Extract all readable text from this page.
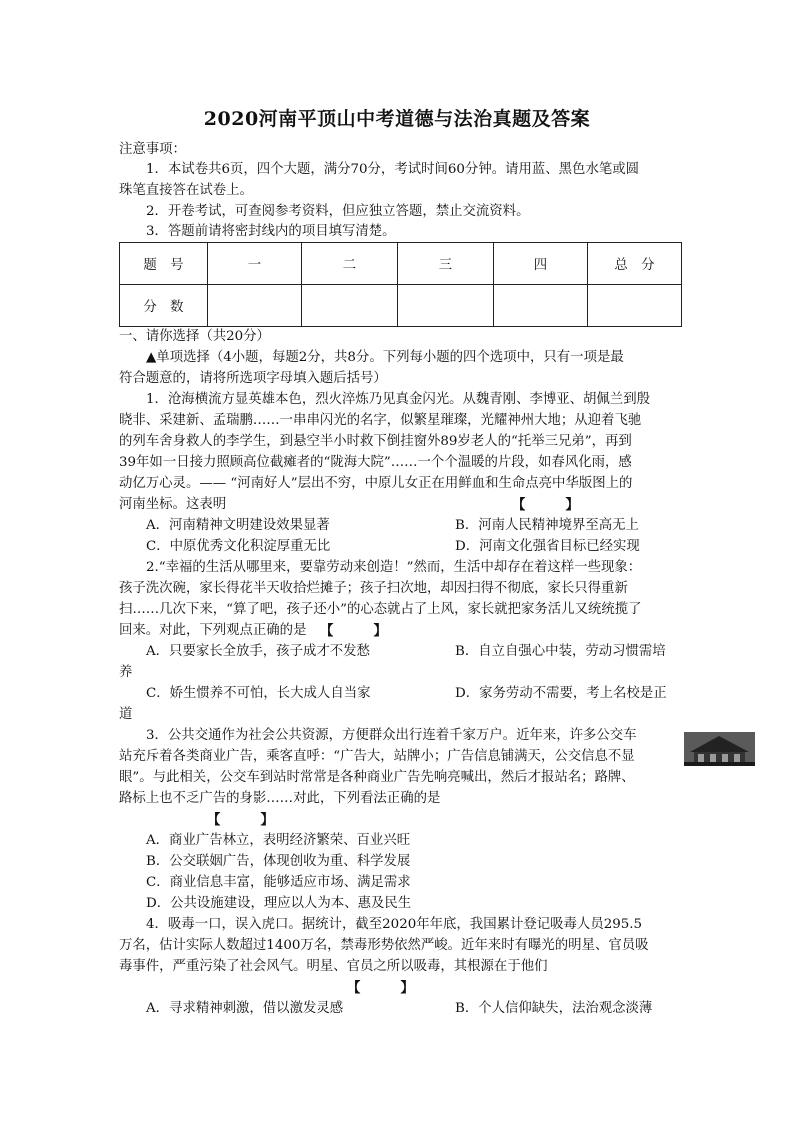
2020河南平顶山中考道德与法治真题及答案
注意事项：
1．本试卷共6页，四个大题，满分70分，考试时间60分钟。请用蓝、黑色水笔或圆
珠笔直接答在试卷上。
2．开卷考试，可查阅参考资料，但应独立答题，禁止交流资料。
3．答题前请将密封线内的项目填写清楚。
题　号	一	二	三	四	总　分
分　数					
一、请你选择（共20分）
▲单项选择（4小题，每题2分，共8分。下列每小题的四个选项中，只有一项是最
符合题意的，请将所选项字母填入题后括号）
1．沧海横流方显英雄本色，烈火淬炼乃见真金闪光。从魏青刚、李博亚、胡佩兰到殷
晓非、采建新、孟瑞鹏……一串串闪光的名字，似繁星璀璨，光耀神州大地；从迎着飞驰
的列车舍身救人的李学生，到悬空半小时救下倒挂窗外89岁老人的“托举三兄弟”，再到
39年如一日接力照顾高位截瘫者的“陇海大院”……一个个温暖的片段，如春风化雨，感
动亿万心灵。—— “河南好人”层出不穷，中原儿女正在用鲜血和生命点亮中华版图上的
河南坐标。这表明	【　　　】
A．河南精神文明建设效果显著	B．河南人民精神境界至高无上
C．中原优秀文化积淀厚重无比	D．河南文化强省目标已经实现
2.“幸福的生活从哪里来，要靠劳动来创造！”然而，生活中却存在着这样一些现象：
孩子洗次碗，家长得花半天收拾烂摊子；孩子扫次地，却因扫得不彻底，家长只得重新
扫……几次下来，“算了吧，孩子还小”的心态就占了上风，家长就把家务活儿又统统揽了
回来。对此，下列观点正确的是	【　　　】
A．只要家长全放手，孩子成才不发愁	B．自立自强心中装，劳动习惯需培
养
C．娇生惯养不可怕，长大成人自当家	D．家务劳动不需要，考上名校是正
道
3．公共交通作为社会公共资源，方便群众出行连着千家万户。近年来，许多公交车
站充斥着各类商业广告，乘客直呼：“广告大，站牌小；广告信息铺满天，公交信息不显
眼”。与此相关，公交车到站时常常是各种商业广告先响亮喊出，然后才报站名；路牌、
路标上也不乏广告的身影……对此，下列看法正确的是
【　　　】
A．商业广告林立，表明经济繁荣、百业兴旺
B．公交联姻广告，体现创收为重、科学发展
C．商业信息丰富，能够适应市场、满足需求
D．公共设施建设，理应以人为本、惠及民生
4．吸毒一口，误入虎口。据统计，截至2020年年底，我国累计登记吸毒人员295.5
万名，估计实际人数超过1400万名，禁毒形势依然严峻。近年来时有曝光的明星、官员吸
毒事件，严重污染了社会风气。明星、官员之所以吸毒，其根源在于他们
【　　　】
A．寻求精神刺激，借以激发灵感	B．个人信仰缺失，法治观念淡薄
